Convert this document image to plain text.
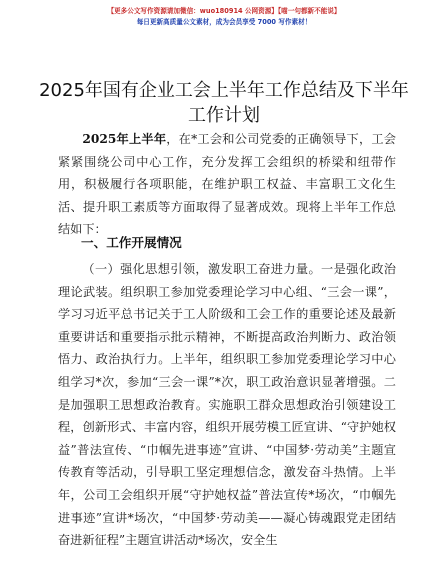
【更多公文写作资源请加微信：wuo180914 公网资源】【喵一句都新不能说】
每日更新高质量公文素材，成为会员享受 7000 写作素材！
2025年国有企业工会上半年工作总结及下半年
工作计划
2025年上半年，在*工会和公司党委的正确领导下，工会紧紧围绕公司中心工作，充分发挥工会组织的桥梁和纽带作用，积极履行各项职能，在维护职工权益、丰富职工文化生活、提升职工素质等方面取得了显著成效。现将上半年工作总结如下：
一、工作开展情况
（一）强化思想引领，激发职工奋进力量。一是强化政治理论武装。组织职工参加党委理论学习中心组、“三会一课”，学习习近平总书记关于工人阶级和工会工作的重要论述及最新重要讲话和重要指示批示精神，不断提高政治判断力、政治领悟力、政治执行力。上半年，组织职工参加党委理论学习中心组学习*次，参加“三会一课”*次，职工政治意识显著增强。二是加强职工思想政治教育。实施职工群众思想政治引领建设工程，创新形式、丰富内容，组织开展劳模工匠宣讲、“守护她权益”普法宣传、“巾帼先进事迹”宣讲、“中国梦·劳动美”主题宣传教育等活动，引导职工坚定理想信念，激发奋斗热情。上半年，公司工会组织开展“守护她权益”普法宣传*场次，“巾帼先进事迹”宣讲*场次，“中国梦·劳动美——凝心铸魂跟党走团结奋进新征程”主题宣讲活动*场次，安全生
